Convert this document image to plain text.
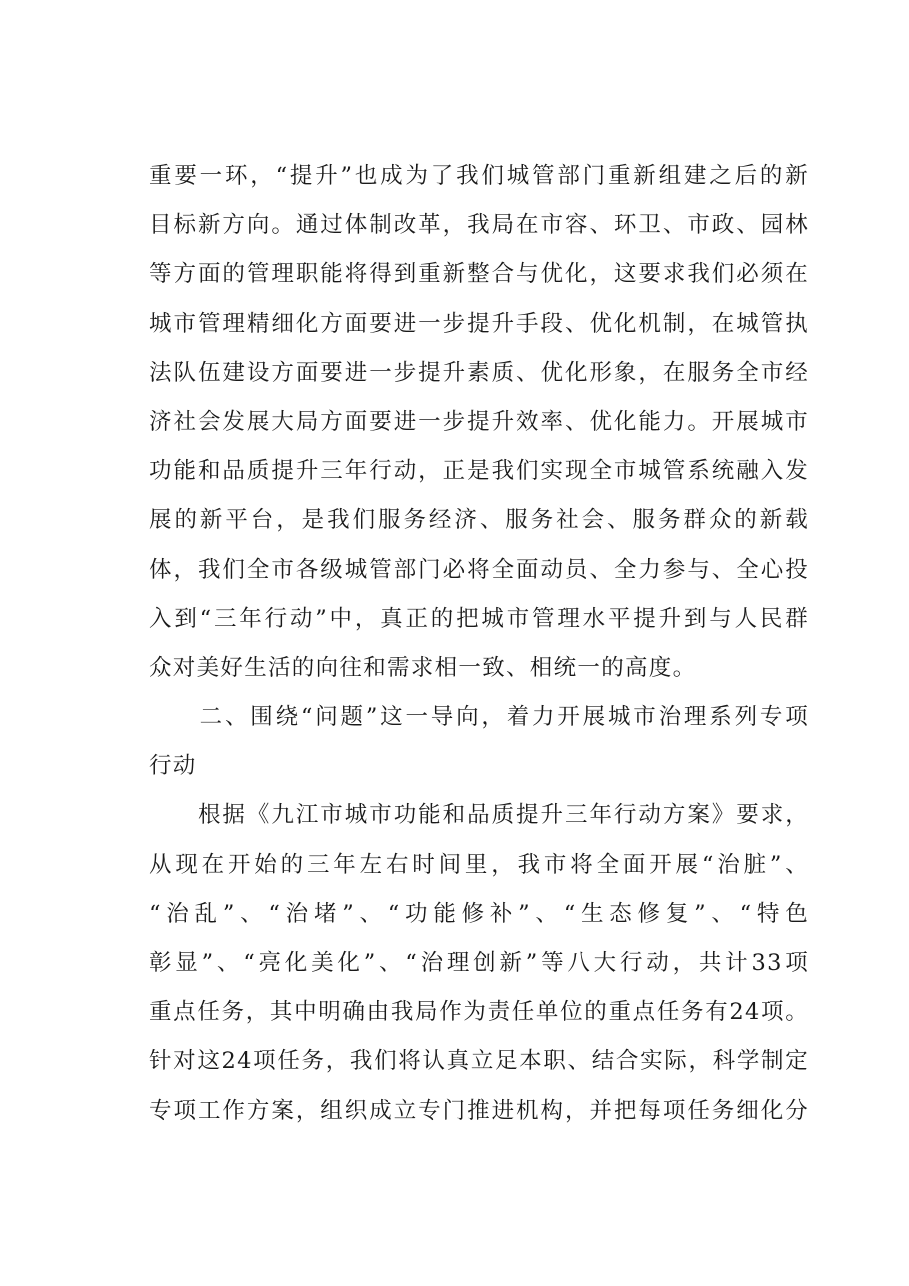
重要一环，“提升”也成为了我们城管部门重新组建之后的新
目标新方向。通过体制改革，我局在市容、环卫、市政、园林
等方面的管理职能将得到重新整合与优化，这要求我们必须在
城市管理精细化方面要进一步提升手段、优化机制，在城管执
法队伍建设方面要进一步提升素质、优化形象，在服务全市经
济社会发展大局方面要进一步提升效率、优化能力。开展城市
功能和品质提升三年行动，正是我们实现全市城管系统融入发
展的新平台，是我们服务经济、服务社会、服务群众的新载
体，我们全市各级城管部门必将全面动员、全力参与、全心投
入到“三年行动”中，真正的把城市管理水平提升到与人民群
众对美好生活的向往和需求相一致、相统一的高度。
　　二、围绕“问题”这一导向，着力开展城市治理系列专项
行动
　　根据《九江市城市功能和品质提升三年行动方案》要求，
从现在开始的三年左右时间里，我市将全面开展“治脏”、
“治乱”、“治堵”、“功能修补”、“生态修复”、“特色
彰显”、“亮化美化”、“治理创新”等八大行动，共计33项
重点任务，其中明确由我局作为责任单位的重点任务有24项。
针对这24项任务，我们将认真立足本职、结合实际，科学制定
专项工作方案，组织成立专门推进机构，并把每项任务细化分
